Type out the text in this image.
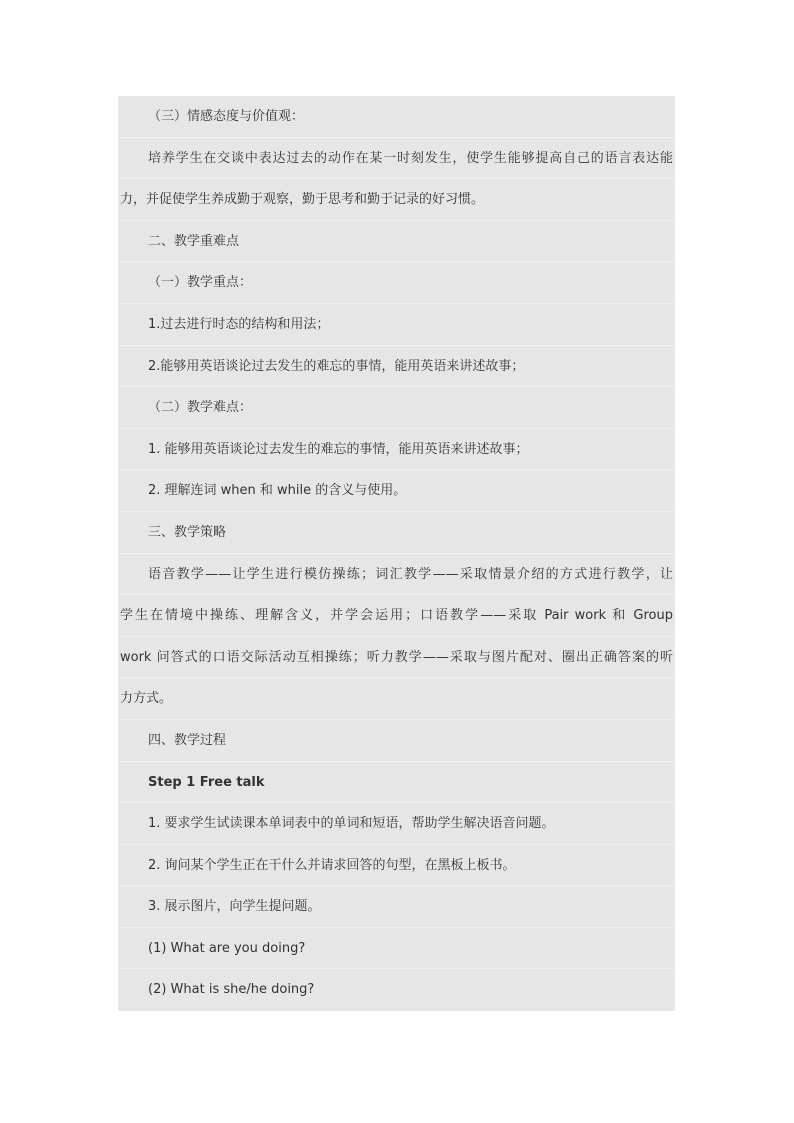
（三）情感态度与价值观：
培养学生在交谈中表达过去的动作在某一时刻发生，使学生能够提高自己的语言表达能
力，并促使学生养成勤于观察，勤于思考和勤于记录的好习惯。
二、教学重难点
（一）教学重点：
1.过去进行时态的结构和用法；
2.能够用英语谈论过去发生的难忘的事情，能用英语来讲述故事；
（二）教学难点：
1. 能够用英语谈论过去发生的难忘的事情，能用英语来讲述故事；
2. 理解连词 when 和 while 的含义与使用。
三、教学策略
语音教学——让学生进行模仿操练；词汇教学——采取情景介绍的方式进行教学，让
学生在情境中操练、理解含义，并学会运用；口语教学——采取 Pair work 和 Group
work 问答式的口语交际活动互相操练；听力教学——采取与图片配对、圈出正确答案的听
力方式。
四、教学过程
Step 1 Free talk
1. 要求学生试读课本单词表中的单词和短语，帮助学生解决语音问题。
2. 询问某个学生正在干什么并请求回答的句型，在黑板上板书。
3. 展示图片，向学生提问题。
(1) What are you doing?
(2) What is she/he doing?
